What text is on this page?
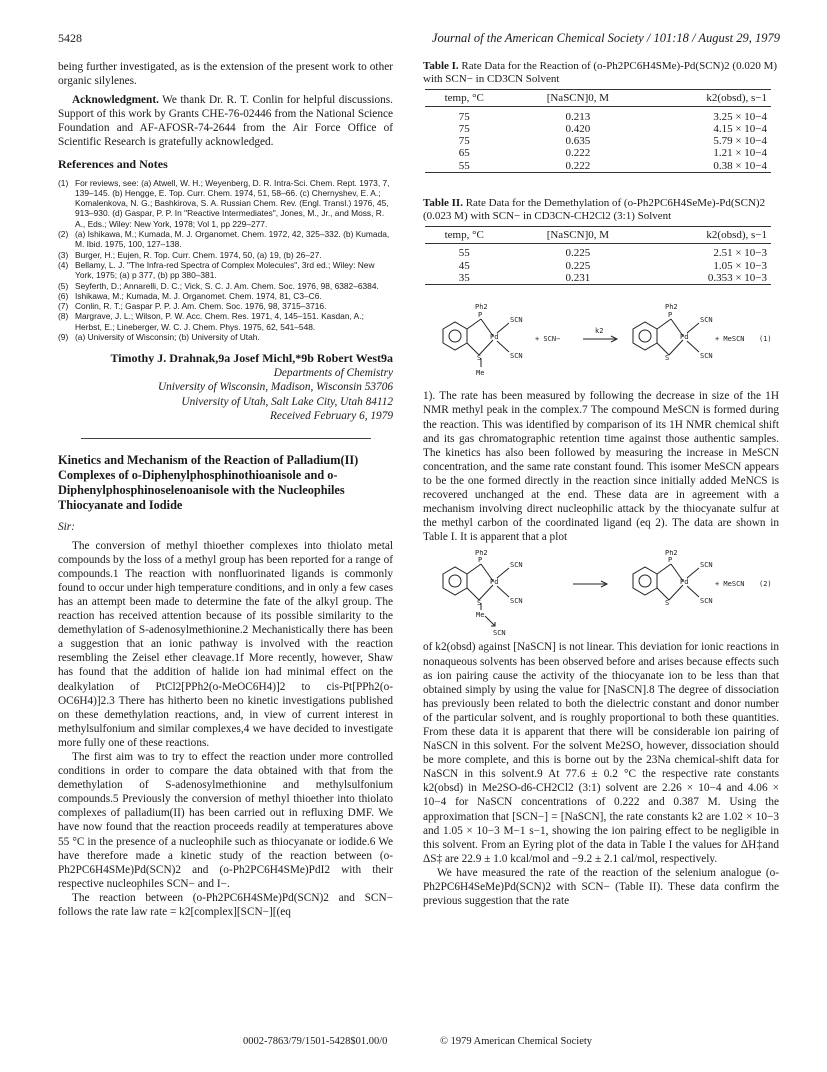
5428	Journal of the American Chemical Society / 101:18 / August 29, 1979

being further investigated, as is the extension of the present work to other organic silylenes.

Acknowledgment. We thank Dr. R. T. Conlin for helpful discussions. Support of this work by Grants CHE-76-02446 from the National Science Foundation and AF-AFOSR-74-2644 from the Air Force Office of Scientific Research is gratefully acknowledged.

References and Notes
(1) For reviews, see: (a) Atwell, W. H.; Weyenberg, D. R. Intra-Sci. Chem. Rept. 1973, 7, 139–145. (b) Hengge, E. Top. Curr. Chem. 1974, 51, 58–66. (c) Chernyshev, E. A.; Komalenkova, N. G.; Bashkirova, S. A. Russian Chem. Rev. (Engl. Transl.) 1976, 45, 913–930. (d) Gaspar, P. P. In "Reactive Intermediates", Jones, M., Jr., and Moss, R. A., Eds.; Wiley: New York, 1978; Vol 1, pp 229–277.
(2) (a) Ishikawa, M.; Kumada, M. J. Organomet. Chem. 1972, 42, 325–332. (b) Kumada, M. Ibid. 1975, 100, 127–138.
(3) Burger, H.; Eujen, R. Top. Curr. Chem. 1974, 50, (a) 19, (b) 26–27.
(4) Bellamy, L. J. "The Infra-red Spectra of Complex Molecules", 3rd ed.; Wiley: New York, 1975; (a) p 377, (b) pp 380–381.
(5) Seyferth, D.; Annarelli, D. C.; Vick, S. C. J. Am. Chem. Soc. 1976, 98, 6382–6384.
(6) Ishikawa, M.; Kumada, M. J. Organomet. Chem. 1974, 81, C3–C6.
(7) Conlin, R. T.; Gaspar P. P. J. Am. Chem. Soc. 1976, 98, 3715–3716.
(8) Margrave, J. L.; Wilson, P. W. Acc. Chem. Res. 1971, 4, 145–151. Kasdan, A.; Herbst, E.; Lineberger, W. C. J. Chem. Phys. 1975, 62, 541–548.
(9) (a) University of Wisconsin; (b) University of Utah.
Timothy J. Drahnak,9a Josef Michl,*9b Robert West9a
Departments of Chemistry
University of Wisconsin, Madison, Wisconsin 53706
University of Utah, Salt Lake City, Utah 84112
Received February 6, 1979
Kinetics and Mechanism of the Reaction of Palladium(II) Complexes of o-Diphenylphosphinothioanisole and o-Diphenylphosphinoselenoanisole with the Nucleophiles Thiocyanate and Iodide
Sir:

The conversion of methyl thioether complexes into thiolato metal compounds by the loss of a methyl group has been reported for a range of compounds.1 The reaction with nonfluorinated ligands is commonly found to occur under high temperature conditions, and in only a few cases has an attempt been made to determine the fate of the alkyl group. The reaction has received attention because of its possible similarity to the demethylation of S-adenosylmethionine.2 Mechanistically there has been a suggestion that an ionic pathway is involved with the reaction resembling the Zeisel ether cleavage.1f More recently, however, Shaw has found that the addition of halide ion had minimal effect on the dealkylation of PtCl2[PPh2(o-MeOC6H4)]2 to cis-Pt[PPh2(o-OC6H4)]2.3 There has hitherto been no kinetic investigations published on these demethylation reactions, and, in view of current interest in methylsulfonium and similar complexes,4 we have decided to investigate more fully one of these reactions.

The first aim was to try to effect the reaction under more controlled conditions in order to compare the data obtained with that from the demethylation of S-adenosylmethionine and methylsulfonium compounds.5 Previously the conversion of methyl thioether into thiolato complexes of palladium(II) has been carried out in refluxing DMF. We have now found that the reaction proceeds readily at temperatures above 55 °C in the presence of a nucleophile such as thiocyanate or iodide.6 We have therefore made a kinetic study of the reaction between (o-Ph2PC6H4SMe)Pd(SCN)2 and (o-Ph2PC6H4SMe)PdI2 with their respective nucleophiles SCN− and I−.

The reaction between (o-Ph2PC6H4SMe)Pd(SCN)2 and SCN− follows the rate law rate = k2[complex][SCN−][(eq

Table I. Rate Data for the Reaction of (o-Ph2PC6H4SMe)-Pd(SCN)2 (0.020 M) with SCN− in CD3CN Solvent
temp, °C	[NaSCN]0, M	k2(obsd), s−1

75	0.213	3.25 × 10−4
75	0.420	4.15 × 10−4
75	0.635	5.79 × 10−4
65	0.222	1.21 × 10−4
55	0.222	0.38 × 10−4
Table II. Rate Data for the Demethylation of (o-Ph2PC6H4SeMe)-Pd(SCN)2 (0.023 M) with SCN− in CD3CN-CH2Cl2 (3:1) Solvent
temp, °C	[NaSCN]0, M	k2(obsd), s−1

55	0.225	2.51 × 10−3
45	0.225	1.05 × 10−3
35	0.231	0.353 × 10−3
Ph2
P
SCN
Pd
S	SCN
Me
+ SCN−
k2
Ph2
P
SCN
Pd
S	SCN
+ MeSCN (1)

1). The rate has been measured by following the decrease in size of the 1H NMR methyl peak in the complex.7 The compound MeSCN is formed during the reaction. This was identified by comparison of its 1H NMR chemical shift and its gas chromatographic retention time against those authentic samples. The kinetics has also been followed by measuring the increase in MeSCN concentration, and the same rate constant found. This isomer MeSCN appears to be the one formed directly in the reaction since initially added MeNCS is recovered unchanged at the end. These data are in agreement with a mechanism involving direct nucleophilic attack by the thiocyanate sulfur at the methyl carbon of the coordinated ligand (eq 2). The data are shown in Table I. It is apparent that a plot

Ph2
P
SCN
Pd
S	SCN
Me
SCN
Ph2
P
SCN
Pd
S	SCN
+ MeSCN (2)

of k2(obsd) against [NaSCN] is not linear. This deviation for ionic reactions in nonaqueous solvents has been observed before and arises because effects such as ion pairing cause the activity of the thiocyanate ion to be less than that obtained simply by using the value for [NaSCN].8 The degree of dissociation has previously been related to both the dielectric constant and donor number of the particular solvent, and is roughly proportional to both these quantities. From these data it is apparent that there will be considerable ion pairing of NaSCN in this solvent. For the solvent Me2SO, however, dissociation should be more complete, and this is borne out by the 23Na chemical-shift data for NaSCN in this solvent.9 At 77.6 ± 0.2 °C the respective rate constants k2(obsd) in Me2SO-d6-CH2Cl2 (3:1) solvent are 2.26 × 10−4 and 4.06 × 10−4 for NaSCN concentrations of 0.222 and 0.387 M. Using the approximation that [SCN−] = [NaSCN], the rate constants k2 are 1.02 × 10−3 and 1.05 × 10−3 M−1 s−1, showing the ion pairing effect to be negligible in this solvent. From an Eyring plot of the data in Table I the values for ΔH‡and ΔS‡ are 22.9 ± 1.0 kcal/mol and −9.2 ± 2.1 cal/mol, respectively.

We have measured the rate of the reaction of the selenium analogue (o-Ph2PC6H4SeMe)Pd(SCN)2 with SCN− (Table II). These data confirm the previous suggestion that the rate

0002-7863/79/1501-5428$01.00/0	© 1979 American Chemical Society
